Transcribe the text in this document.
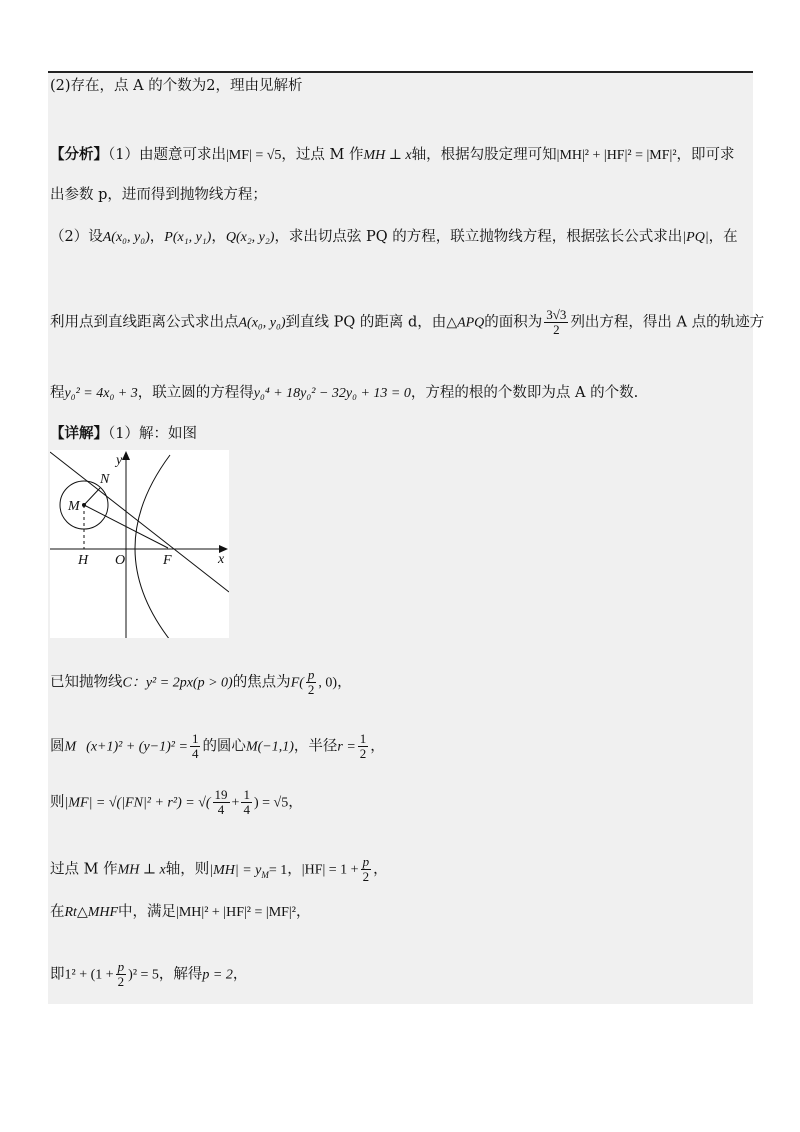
(2)存在，点 A 的个数为2，理由见解析
【分析】（1）由题意可求出|MF| = √5，过点 M 作MH ⊥ x轴，根据勾股定理可知|MH|² + |HF|² = |MF|²，即可求
出参数 p，进而得到抛物线方程；
（2）设A(x₀, y₀)，P(x₁, y₁)，Q(x₂, y₂)，求出切点弦 PQ 的方程，联立抛物线方程，根据弦长公式求出|PQ|，在
利用点到直线距离公式求出点A(x₀, y₀)到直线 PQ 的距离 d，由△APQ的面积为 $\frac{3√3}{2}$ 列出方程，得出 A 点的轨迹方
程y₀² = 4x₀ + 3，联立圆的方程得y₀⁴ + 18y₀² − 32y₀ + 13 = 0，方程的根的个数即为点 A 的个数.
【详解】（1）解：如图
y
x
N
M
H O	F
已知抛物线C：y² = 2px(p > 0)的焦点为$F( \frac{p}{2}$ , 0)，
圆M $(x+1)^2 + (y-1)^2 = \frac{1}{4}$ 的圆心M(−1,1)，半径$r = \frac{1}{2}$ ，
则|MF| = √(|FN|² + r²) = √( $\frac{19}{4} + \frac{1}{4}$ ) = √5，
过点 M 作MH ⊥ x轴，则$|MH| = y_M= 1$，$|HF| = 1 + \frac{p}{2}$ ，
在Rt△MHF中，满足|MH|² + |HF|² = |MF|²，
即$1^2 + (1 + \frac{p}{2} )^2 = 5$，解得p = 2，
